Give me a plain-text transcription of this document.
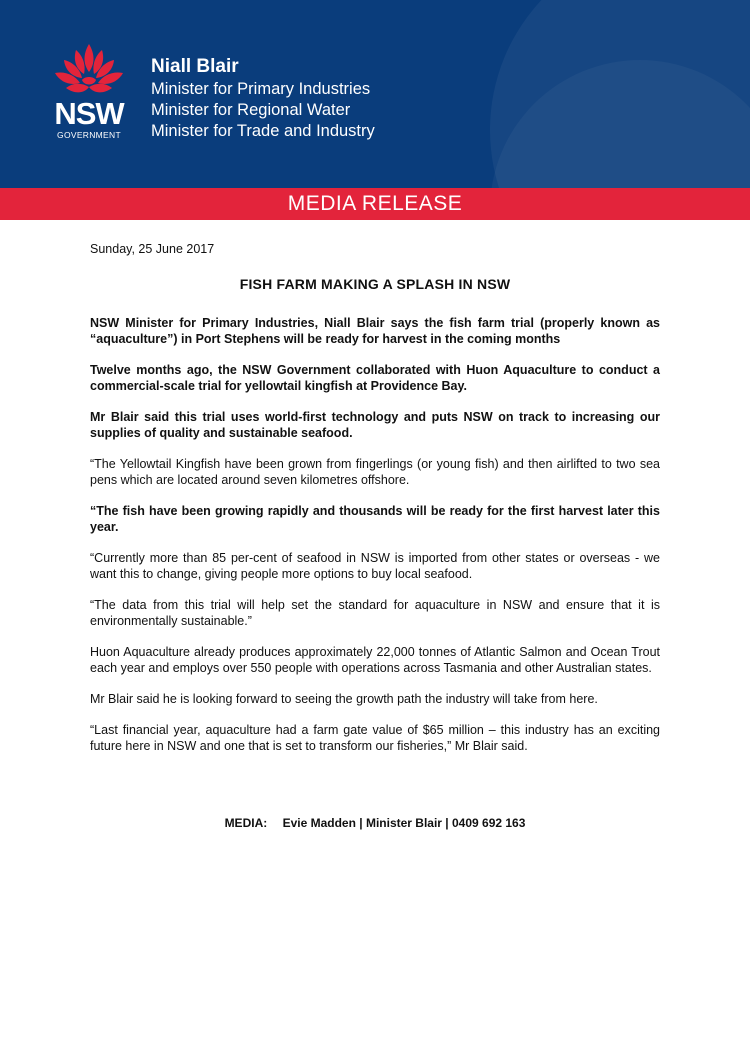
NSW
GOVERNMENT
Niall Blair
Minister for Primary Industries
Minister for Regional Water
Minister for Trade and Industry
MEDIA RELEASE
Sunday, 25 June 2017
FISH FARM MAKING A SPLASH IN NSW

NSW Minister for Primary Industries, Niall Blair says the fish farm trial (properly known as “aquaculture”) in Port Stephens will be ready for harvest in the coming months

Twelve months ago, the NSW Government collaborated with Huon Aquaculture to conduct a commercial-scale trial for yellowtail kingfish at Providence Bay.

Mr Blair said this trial uses world-first technology and puts NSW on track to increasing our supplies of quality and sustainable seafood.

“The Yellowtail Kingfish have been grown from fingerlings (or young fish) and then airlifted to two sea pens which are located around seven kilometres offshore.

“The fish have been growing rapidly and thousands will be ready for the first harvest later this year.

“Currently more than 85 per-cent of seafood in NSW is imported from other states or overseas - we want this to change, giving people more options to buy local seafood.

“The data from this trial will help set the standard for aquaculture in NSW and ensure that it is environmentally sustainable.”

Huon Aquaculture already produces approximately 22,000 tonnes of Atlantic Salmon and Ocean Trout each year and employs over 550 people with operations across Tasmania and other Australian states.

Mr Blair said he is looking forward to seeing the growth path the industry will take from here.

“Last financial year, aquaculture had a farm gate value of $65 million – this industry has an exciting future here in NSW and one that is set to transform our fisheries,” Mr Blair said.

MEDIA: Evie Madden | Minister Blair | 0409 692 163
